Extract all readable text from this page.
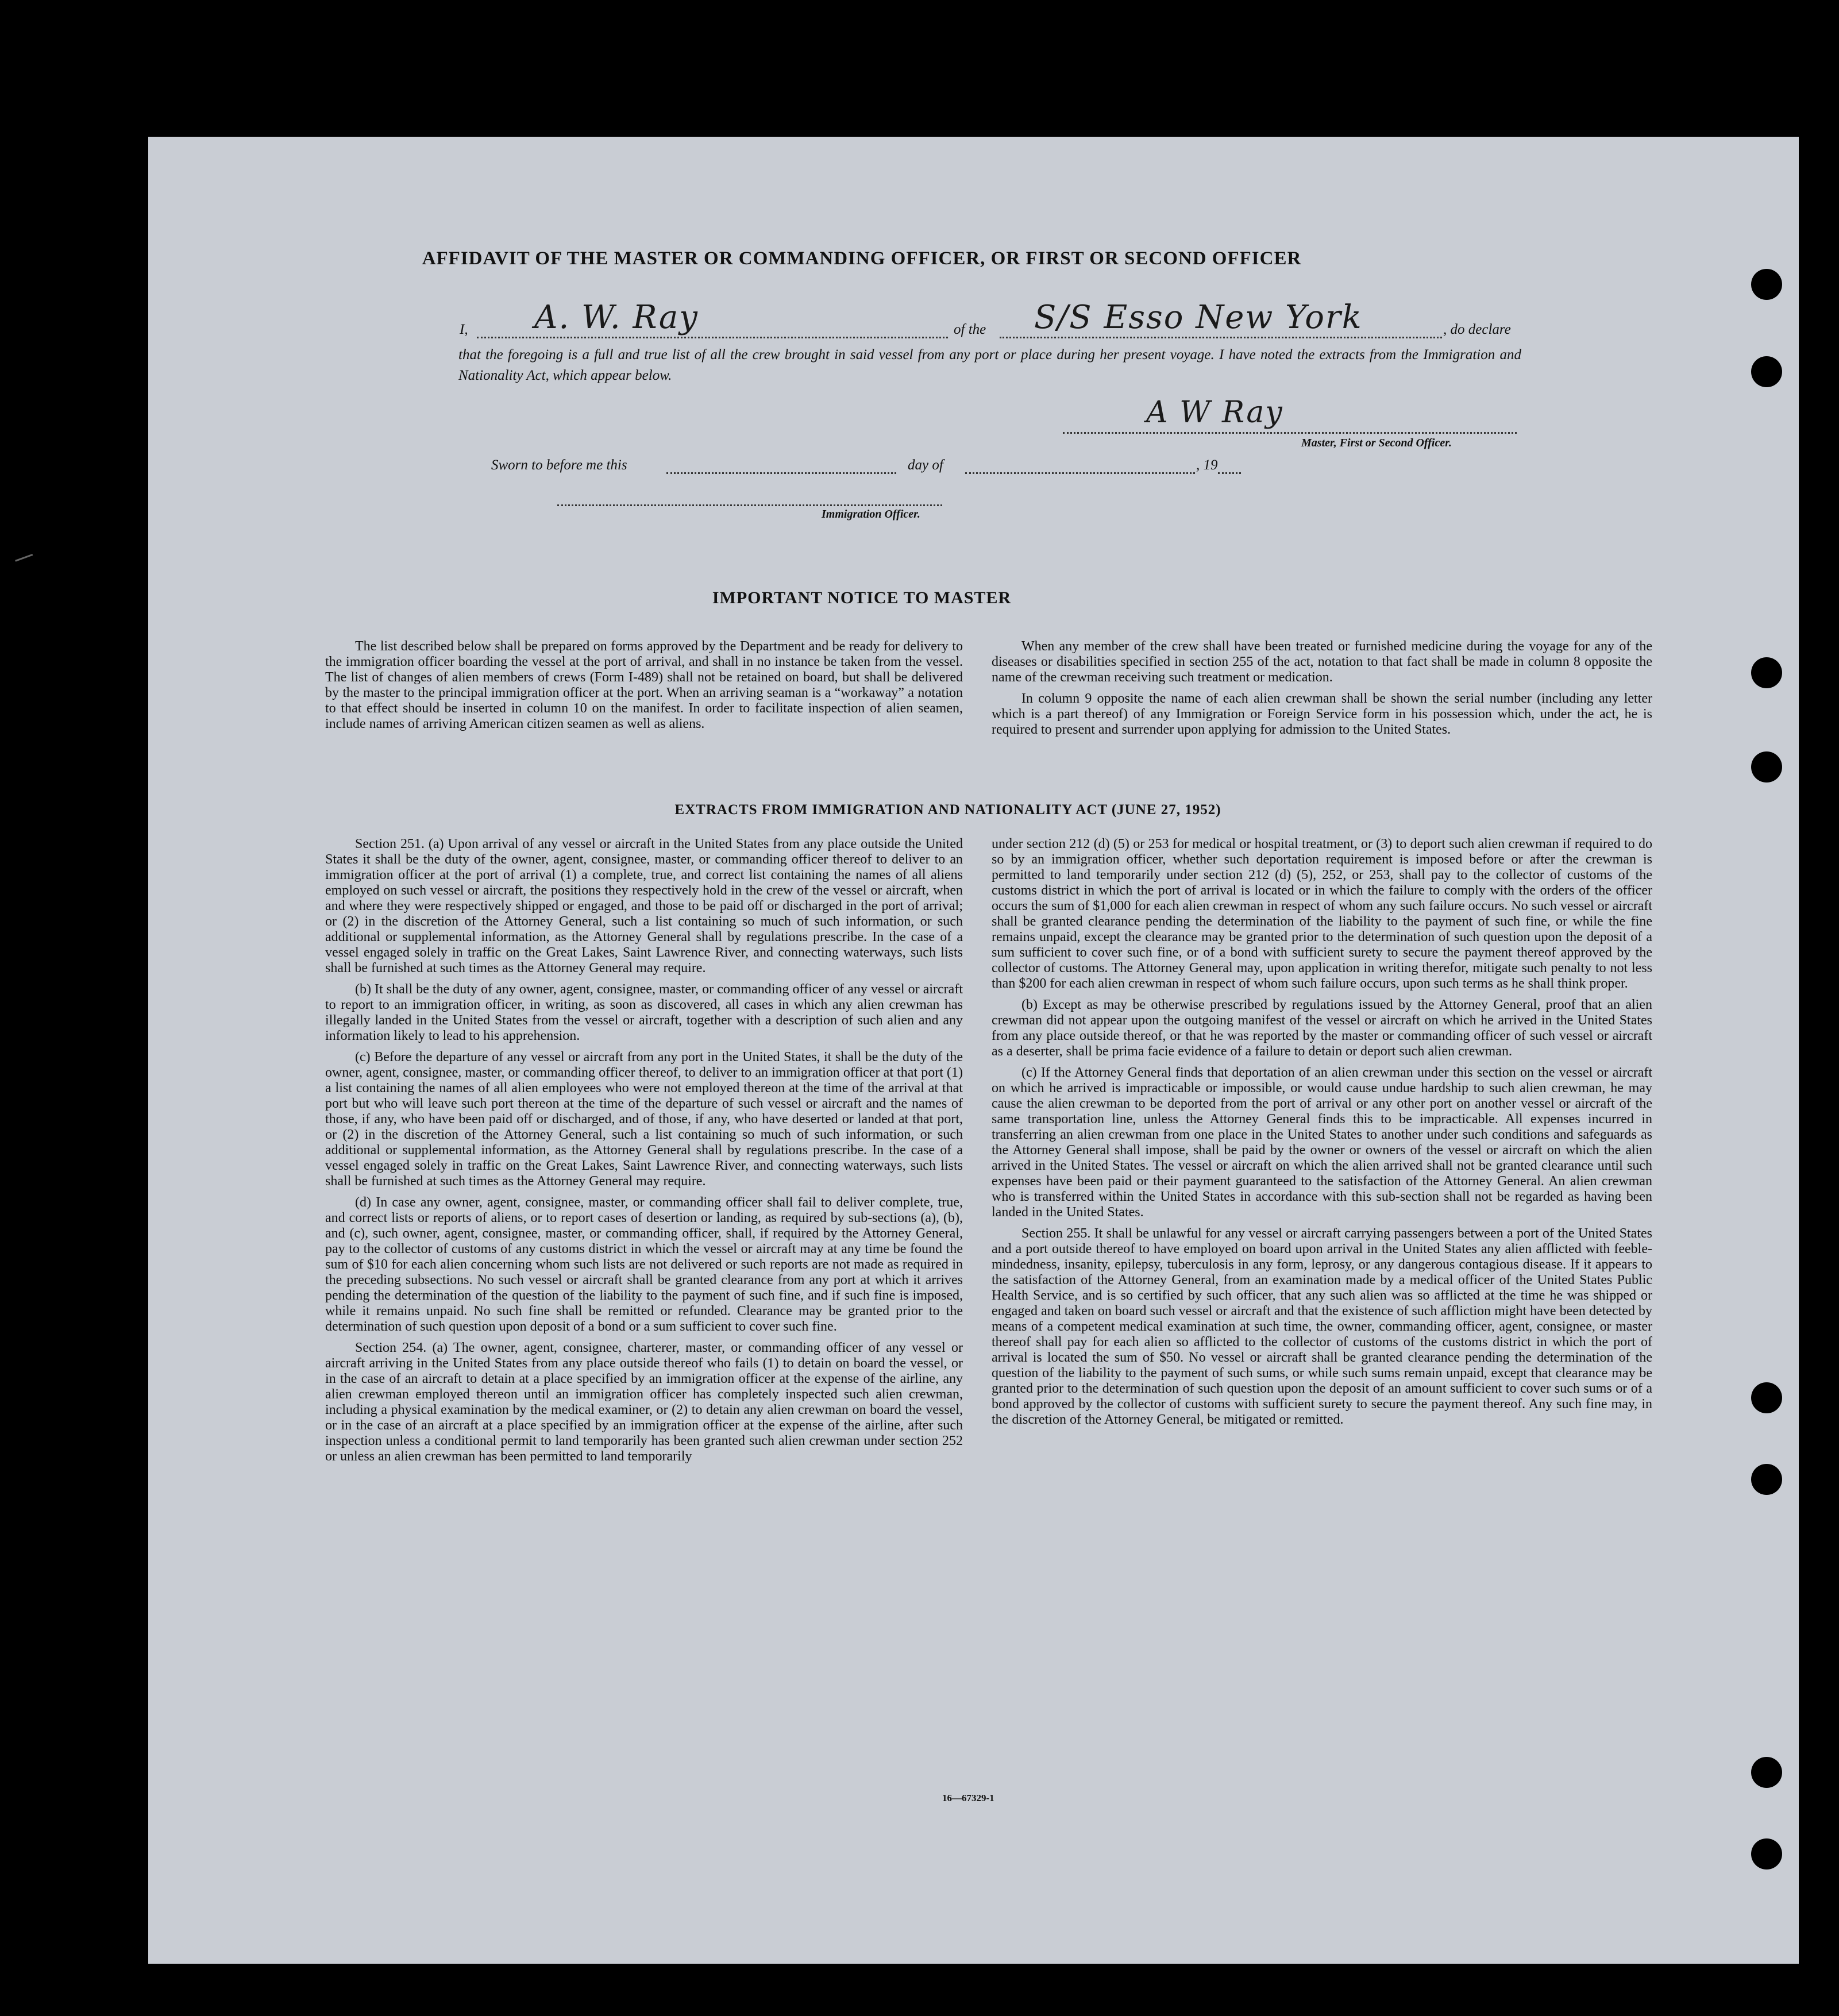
AFFIDAVIT OF THE MASTER OR COMMANDING OFFICER, OR FIRST OR SECOND OFFICER
I, A. W. Ray	of the S/S Esso New York	, do declare
that the foregoing is a full and true list of all the crew brought in said vessel from any port or place during her present voyage. I have noted the extracts from the Immigration and Nationality Act, which appear below.
A W Ray
Master, First or Second Officer.
Sworn to before me this	day of	, 19
Immigration Officer.
IMPORTANT NOTICE TO MASTER

The list described below shall be prepared on forms approved by the Department and be ready for delivery to the immigration officer boarding the vessel at the port of arrival, and shall in no instance be taken from the vessel. The list of changes of alien members of crews (Form I-489) shall not be retained on board, but shall be delivered by the master to the principal immigration officer at the port. When an arriving seaman is a “workaway” a notation to that effect should be inserted in column 10 on the manifest. In order to facilitate inspection of alien seamen, include names of arriving American citizen seamen as well as aliens.

When any member of the crew shall have been treated or furnished medicine during the voyage for any of the diseases or disabilities specified in section 255 of the act, notation to that fact shall be made in column 8 opposite the name of the crewman receiving such treatment or medication.

In column 9 opposite the name of each alien crewman shall be shown the serial number (including any letter which is a part thereof) of any Immigration or Foreign Service form in his possession which, under the act, he is required to present and surrender upon applying for admission to the United States.

EXTRACTS FROM IMMIGRATION AND NATIONALITY ACT (JUNE 27, 1952)

Section 251. (a) Upon arrival of any vessel or aircraft in the United States from any place outside the United States it shall be the duty of the owner, agent, consignee, master, or commanding officer thereof to deliver to an immigration officer at the port of arrival (1) a complete, true, and correct list containing the names of all aliens employed on such vessel or aircraft, the positions they respectively hold in the crew of the vessel or aircraft, when and where they were respectively shipped or engaged, and those to be paid off or discharged in the port of arrival; or (2) in the discretion of the Attorney General, such a list containing so much of such information, or such additional or supplemental information, as the Attorney General shall by regulations prescribe. In the case of a vessel engaged solely in traffic on the Great Lakes, Saint Lawrence River, and connecting waterways, such lists shall be furnished at such times as the Attorney General may require.

(b) It shall be the duty of any owner, agent, consignee, master, or commanding officer of any vessel or aircraft to report to an immigration officer, in writing, as soon as discovered, all cases in which any alien crewman has illegally landed in the United States from the vessel or aircraft, together with a description of such alien and any information likely to lead to his apprehension.

(c) Before the departure of any vessel or aircraft from any port in the United States, it shall be the duty of the owner, agent, consignee, master, or commanding officer thereof, to deliver to an immigration officer at that port (1) a list containing the names of all alien employees who were not employed thereon at the time of the arrival at that port but who will leave such port thereon at the time of the departure of such vessel or aircraft and the names of those, if any, who have been paid off or discharged, and of those, if any, who have deserted or landed at that port, or (2) in the discretion of the Attorney General, such a list containing so much of such information, or such additional or supplemental information, as the Attorney General shall by regulations prescribe. In the case of a vessel engaged solely in traffic on the Great Lakes, Saint Lawrence River, and connecting waterways, such lists shall be furnished at such times as the Attorney General may require.

(d) In case any owner, agent, consignee, master, or commanding officer shall fail to deliver complete, true, and correct lists or reports of aliens, or to report cases of desertion or landing, as required by sub-sections (a), (b), and (c), such owner, agent, consignee, master, or commanding officer, shall, if required by the Attorney General, pay to the collector of customs of any customs district in which the vessel or aircraft may at any time be found the sum of $10 for each alien concerning whom such lists are not delivered or such reports are not made as required in the preceding subsections. No such vessel or aircraft shall be granted clearance from any port at which it arrives pending the determination of the question of the liability to the payment of such fine, and if such fine is imposed, while it remains unpaid. No such fine shall be remitted or refunded. Clearance may be granted prior to the determination of such question upon deposit of a bond or a sum sufficient to cover such fine.

Section 254. (a) The owner, agent, consignee, charterer, master, or commanding officer of any vessel or aircraft arriving in the United States from any place outside thereof who fails (1) to detain on board the vessel, or in the case of an aircraft to detain at a place specified by an immigration officer at the expense of the airline, any alien crewman employed thereon until an immigration officer has completely inspected such alien crewman, including a physical examination by the medical examiner, or (2) to detain any alien crewman on board the vessel, or in the case of an aircraft at a place specified by an immigration officer at the expense of the airline, after such inspection unless a conditional permit to land temporarily has been granted such alien crewman under section 252 or unless an alien crewman has been permitted to land temporarily

under section 212 (d) (5) or 253 for medical or hospital treatment, or (3) to deport such alien crewman if required to do so by an immigration officer, whether such deportation requirement is imposed before or after the crewman is permitted to land temporarily under section 212 (d) (5), 252, or 253, shall pay to the collector of customs of the customs district in which the port of arrival is located or in which the failure to comply with the orders of the officer occurs the sum of $1,000 for each alien crewman in respect of whom any such failure occurs. No such vessel or aircraft shall be granted clearance pending the determination of the liability to the payment of such fine, or while the fine remains unpaid, except the clearance may be granted prior to the determination of such question upon the deposit of a sum sufficient to cover such fine, or of a bond with sufficient surety to secure the payment thereof approved by the collector of customs. The Attorney General may, upon application in writing therefor, mitigate such penalty to not less than $200 for each alien crewman in respect of whom such failure occurs, upon such terms as he shall think proper.

(b) Except as may be otherwise prescribed by regulations issued by the Attorney General, proof that an alien crewman did not appear upon the outgoing manifest of the vessel or aircraft on which he arrived in the United States from any place outside thereof, or that he was reported by the master or commanding officer of such vessel or aircraft as a deserter, shall be prima facie evidence of a failure to detain or deport such alien crewman.

(c) If the Attorney General finds that deportation of an alien crewman under this section on the vessel or aircraft on which he arrived is impracticable or impossible, or would cause undue hardship to such alien crewman, he may cause the alien crewman to be deported from the port of arrival or any other port on another vessel or aircraft of the same transportation line, unless the Attorney General finds this to be impracticable. All expenses incurred in transferring an alien crewman from one place in the United States to another under such conditions and safeguards as the Attorney General shall impose, shall be paid by the owner or owners of the vessel or aircraft on which the alien arrived in the United States. The vessel or aircraft on which the alien arrived shall not be granted clearance until such expenses have been paid or their payment guaranteed to the satisfaction of the Attorney General. An alien crewman who is transferred within the United States in accordance with this sub-section shall not be regarded as having been landed in the United States.

Section 255. It shall be unlawful for any vessel or aircraft carrying passengers between a port of the United States and a port outside thereof to have employed on board upon arrival in the United States any alien afflicted with feeble-mindedness, insanity, epilepsy, tuberculosis in any form, leprosy, or any dangerous contagious disease. If it appears to the satisfaction of the Attorney General, from an examination made by a medical officer of the United States Public Health Service, and is so certified by such officer, that any such alien was so afflicted at the time he was shipped or engaged and taken on board such vessel or aircraft and that the existence of such affliction might have been detected by means of a competent medical examination at such time, the owner, commanding officer, agent, consignee, or master thereof shall pay for each alien so afflicted to the collector of customs of the customs district in which the port of arrival is located the sum of $50. No vessel or aircraft shall be granted clearance pending the determination of the question of the liability to the payment of such sums, or while such sums remain unpaid, except that clearance may be granted prior to the determination of such question upon the deposit of an amount sufficient to cover such sums or of a bond approved by the collector of customs with sufficient surety to secure the payment thereof. Any such fine may, in the discretion of the Attorney General, be mitigated or remitted.

16—67329-1
